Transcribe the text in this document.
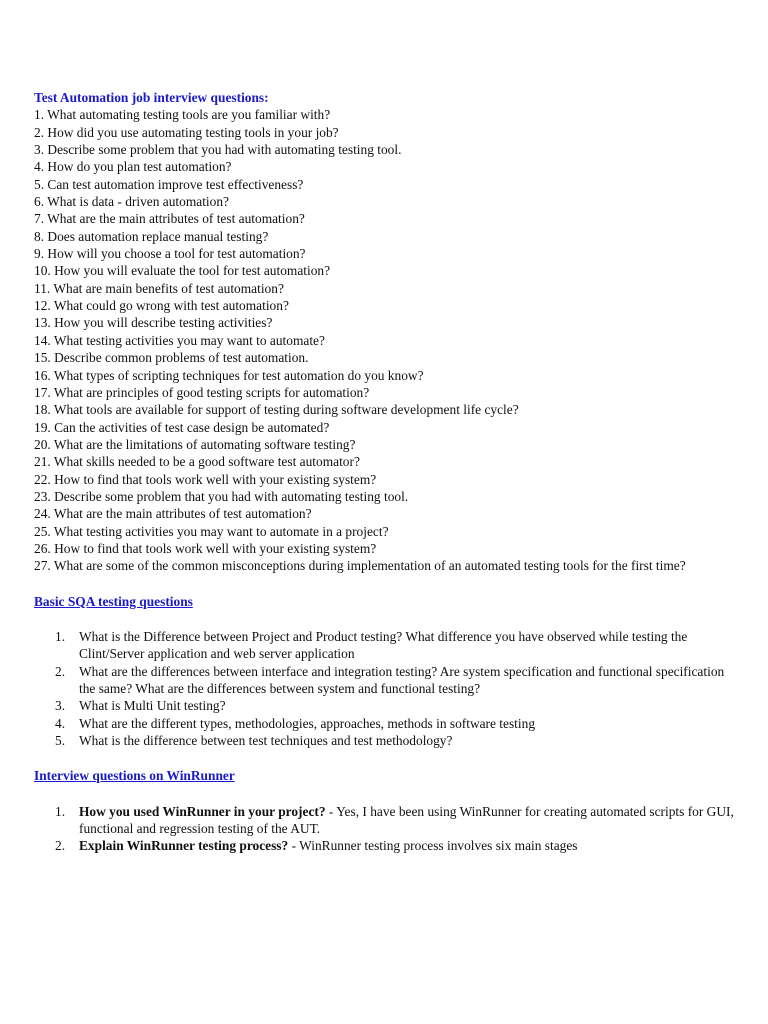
Test Automation job interview questions:

1. What automating testing tools are you familiar with?
2. How did you use automating testing tools in your job?
3. Describe some problem that you had with automating testing tool.
4. How do you plan test automation?
5. Can test automation improve test effectiveness?
6. What is data - driven automation?
7. What are the main attributes of test automation?
8. Does automation replace manual testing?
9. How will you choose a tool for test automation?
10. How you will evaluate the tool for test automation?
11. What are main benefits of test automation?
12. What could go wrong with test automation?
13. How you will describe testing activities?
14. What testing activities you may want to automate?
15. Describe common problems of test automation.
16. What types of scripting techniques for test automation do you know?
17. What are principles of good testing scripts for automation?
18. What tools are available for support of testing during software development life cycle?
19. Can the activities of test case design be automated?
20. What are the limitations of automating software testing?
21. What skills needed to be a good software test automator?
22. How to find that tools work well with your existing system?
23. Describe some problem that you had with automating testing tool.
24. What are the main attributes of test automation?
25. What testing activities you may want to automate in a project?
26. How to find that tools work well with your existing system?
27. What are some of the common misconceptions during implementation of an automated testing tools for the first time?

Basic SQA testing questions

1. What is the Difference between Project and Product testing? What difference you have observed while testing the Clint/Server application and web server application
2. What are the differences between interface and integration testing? Are system specification and functional specification the same? What are the differences between system and functional testing?
3. What is Multi Unit testing?
4. What are the different types, methodologies, approaches, methods in software testing
5. What is the difference between test techniques and test methodology?

Interview questions on WinRunner

1. How you used WinRunner in your project? - Yes, I have been using WinRunner for creating automated scripts for GUI, functional and regression testing of the AUT.
2. Explain WinRunner testing process? - WinRunner testing process involves six main stages
